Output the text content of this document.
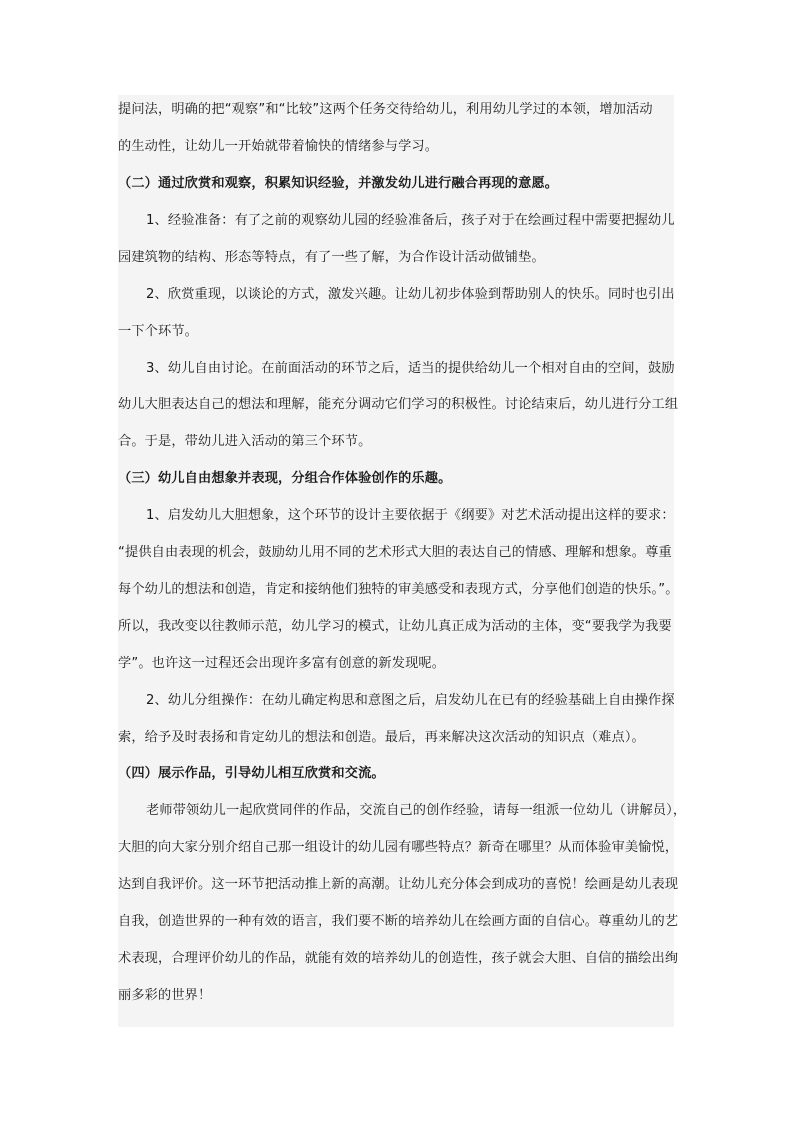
提问法，明确的把“观察”和“比较”这两个任务交待给幼儿，利用幼儿学过的本领，增加活动
的生动性，让幼儿一开始就带着愉快的情绪参与学习。
（二）通过欣赏和观察，积累知识经验，并激发幼儿进行融合再现的意愿。
1、经验准备：有了之前的观察幼儿园的经验准备后，孩子对于在绘画过程中需要把握幼儿
园建筑物的结构、形态等特点，有了一些了解，为合作设计活动做铺垫。
2、欣赏重现，以谈论的方式，激发兴趣。让幼儿初步体验到帮助别人的快乐。同时也引出
一下个环节。
3、幼儿自由讨论。在前面活动的环节之后，适当的提供给幼儿一个相对自由的空间，鼓励
幼儿大胆表达自己的想法和理解，能充分调动它们学习的积极性。讨论结束后，幼儿进行分工组
合。于是，带幼儿进入活动的第三个环节。
（三）幼儿自由想象并表现，分组合作体验创作的乐趣。
1、启发幼儿大胆想象，这个环节的设计主要依据于《纲要》对艺术活动提出这样的要求：
“提供自由表现的机会，鼓励幼儿用不同的艺术形式大胆的表达自己的情感、理解和想象。尊重
每个幼儿的想法和创造，肯定和接纳他们独特的审美感受和表现方式，分享他们创造的快乐。”。
所以，我改变以往教师示范，幼儿学习的模式，让幼儿真正成为活动的主体，变“要我学为我要
学”。也许这一过程还会出现许多富有创意的新发现呢。
2、幼儿分组操作：在幼儿确定构思和意图之后，启发幼儿在已有的经验基础上自由操作探
索，给予及时表扬和肯定幼儿的想法和创造。最后，再来解决这次活动的知识点（难点）。
（四）展示作品，引导幼儿相互欣赏和交流。
老师带领幼儿一起欣赏同伴的作品，交流自己的创作经验，请每一组派一位幼儿（讲解员），
大胆的向大家分别介绍自己那一组设计的幼儿园有哪些特点？新奇在哪里？从而体验审美愉悦，
达到自我评价。这一环节把活动推上新的高潮。让幼儿充分体会到成功的喜悦！绘画是幼儿表现
自我，创造世界的一种有效的语言，我们要不断的培养幼儿在绘画方面的自信心。尊重幼儿的艺
术表现，合理评价幼儿的作品，就能有效的培养幼儿的创造性，孩子就会大胆、自信的描绘出绚
丽多彩的世界！
